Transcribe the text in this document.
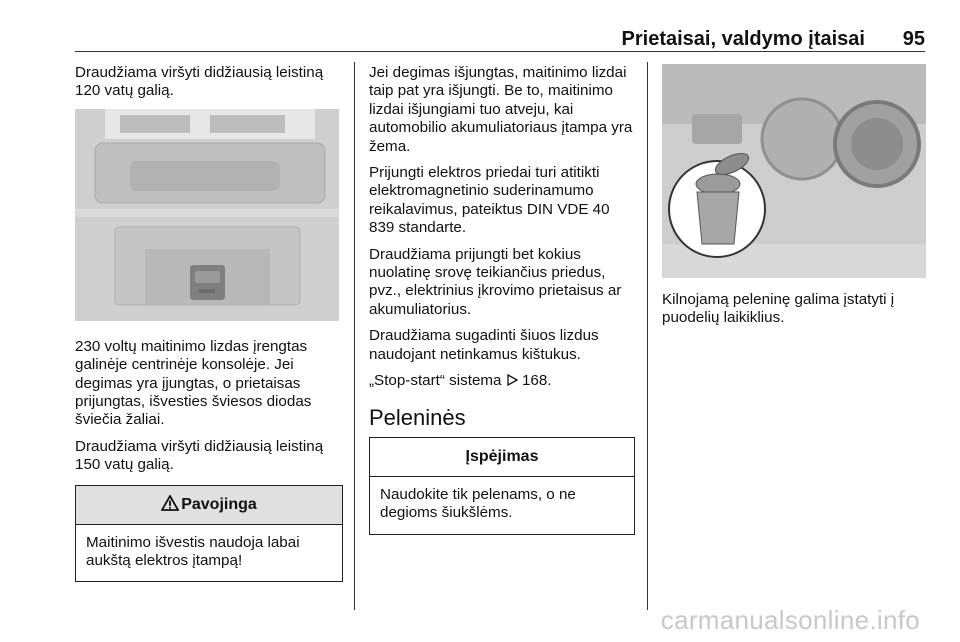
Prietaisai, valdymo įtaisai 95

Draudžiama viršyti didžiausią leistiną 120 vatų galią.

230 voltų maitinimo lizdas įrengtas galinėje centrinėje konsolėje. Jei degimas yra įjungtas, o prietaisas prijungtas, išvesties šviesos diodas šviečia žaliai.

Draudžiama viršyti didžiausią leistiną 150 vatų galią.

Pavojinga
Maitinimo išvestis naudoja labai aukštą elektros įtampą!

Jei degimas išjungtas, maitinimo lizdai taip pat yra išjungti. Be to, maitinimo lizdai išjungiami tuo atveju, kai automobilio akumuliatoriaus įtampa yra žema.

Prijungti elektros priedai turi atitikti elektromagnetinio suderinamumo reikalavimus, pateiktus DIN VDE 40 839 standarte.

Draudžiama prijungti bet kokius nuolatinę srovę teikiančius priedus, pvz., elektrinius įkrovimo prietaisus ar akumuliatorius.

Draudžiama sugadinti šiuos lizdus naudojant netinkamus kištukus.

„Stop-start“ sistema 168.

Peleninės
Įspėjimas
Naudokite tik pelenams, o ne degioms šiukšlėms.

Kilnojamą peleninę galima įstatyti į puodelių laikiklius.

carmanualsonline.info
